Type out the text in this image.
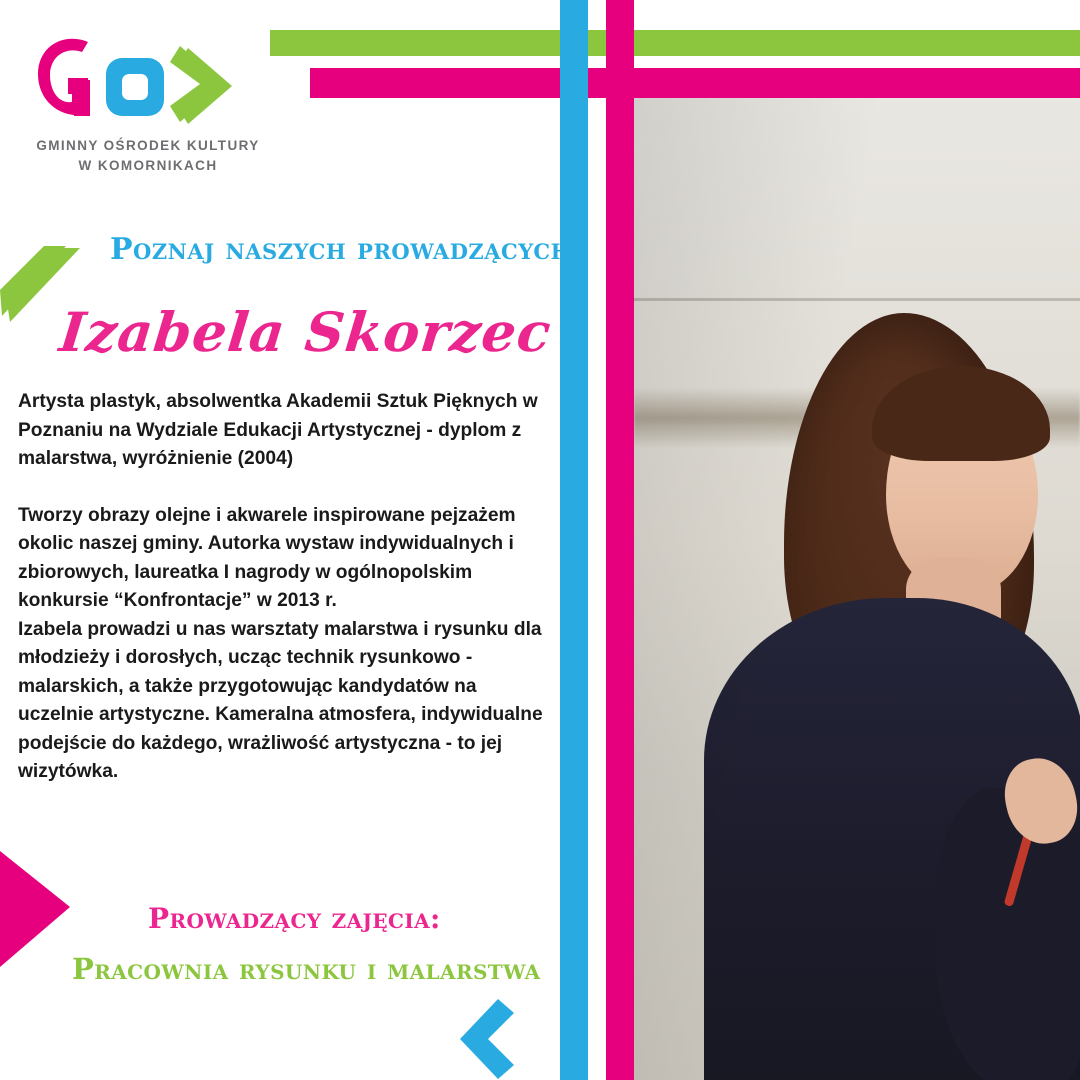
GMINNY OŚRODEK KULTURY
W KOMORNIKACH
Poznaj naszych prowadzących
Izabela Skorzec

Artysta plastyk, absolwentka Akademii Sztuk Pięknych w Poznaniu na Wydziale Edukacji Artystycznej - dyplom z malarstwa, wyróżnienie (2004)

Tworzy obrazy olejne i akwarele inspirowane pejzażem okolic naszej gminy. Autorka wystaw indywidualnych i zbiorowych, laureatka I nagrody w ogólnopolskim konkursie “Konfrontacje” w 2013 r.

Izabela prowadzi u nas warsztaty malarstwa i rysunku dla młodzieży i dorosłych, ucząc technik rysunkowo - malarskich, a także przygotowując kandydatów na uczelnie artystyczne. Kameralna atmosfera, indywidualne podejście do każdego, wrażliwość artystyczna - to jej wizytówka.

Prowadzący zajęcia:
Pracownia rysunku i malarstwa
